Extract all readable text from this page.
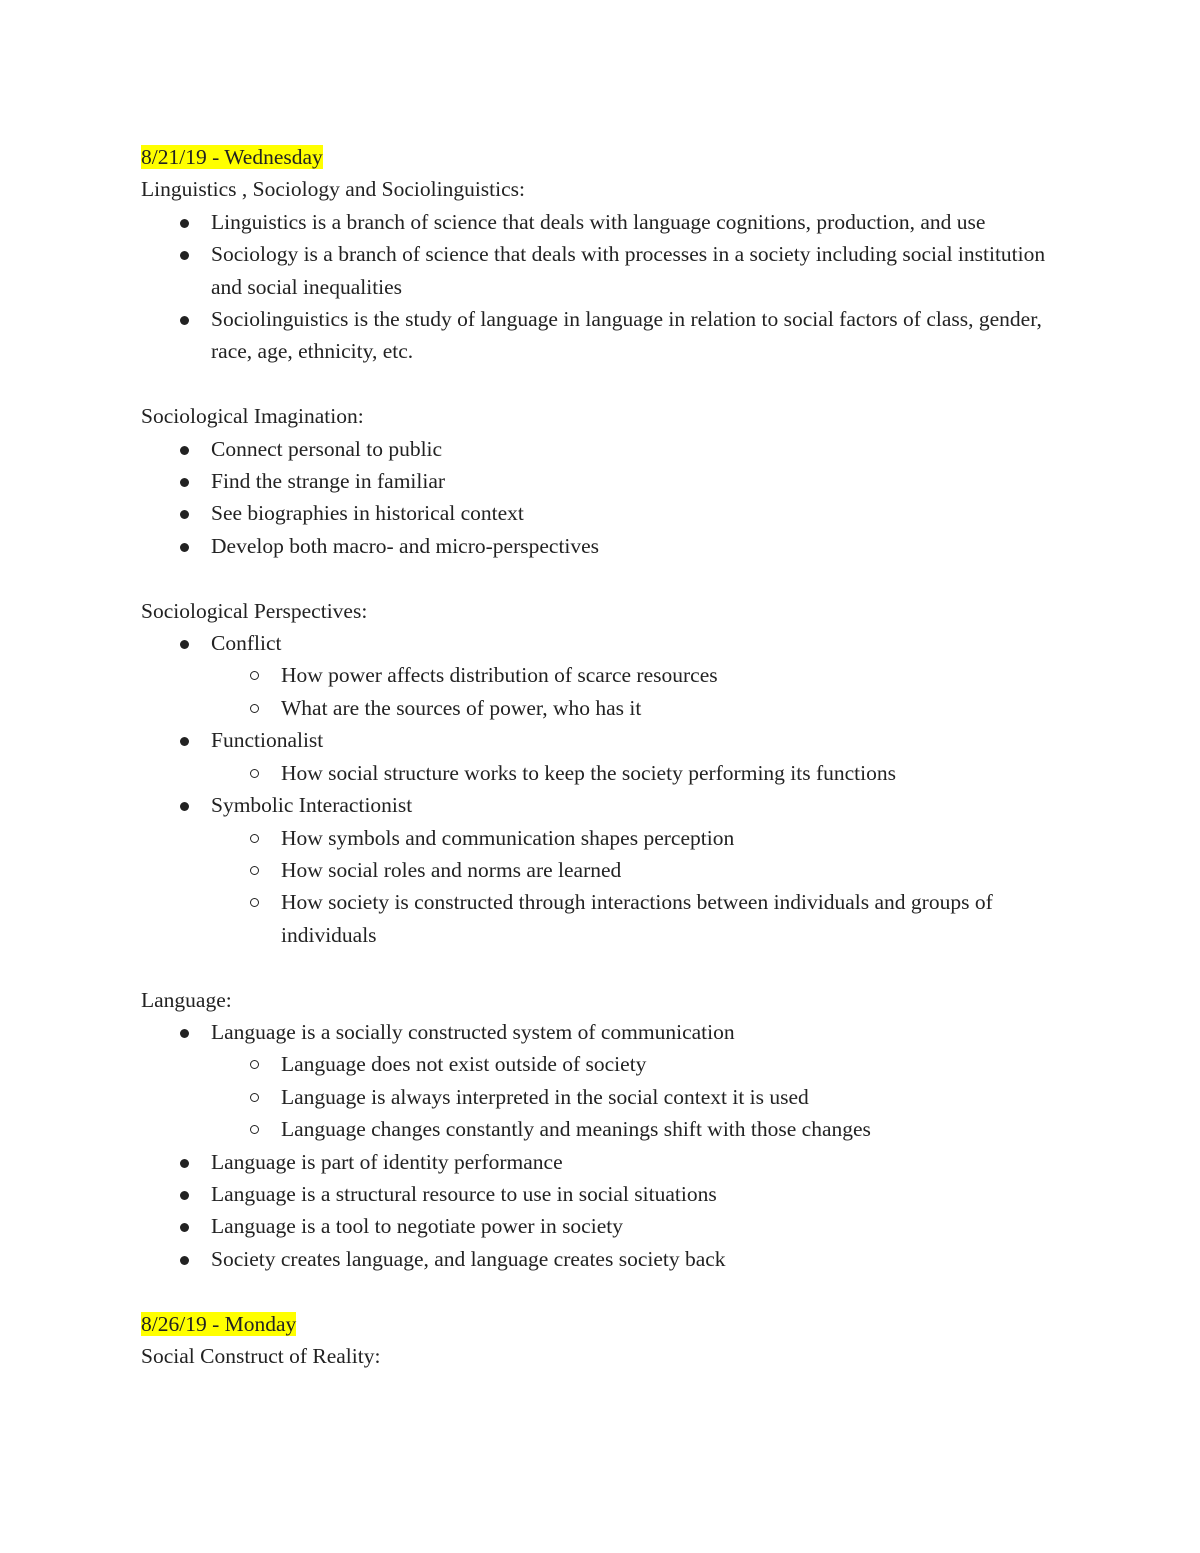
8/21/19 - Wednesday

Linguistics , Sociology and Sociolinguistics:

Linguistics is a branch of science that deals with language cognitions, production, and use
Sociology is a branch of science that deals with processes in a society including social institution and social inequalities
Sociolinguistics is the study of language in language in relation to social factors of class, gender, race, age, ethnicity, etc.

Sociological Imagination:

Connect personal to public
Find the strange in familiar
See biographies in historical context
Develop both macro- and micro-perspectives

Sociological Perspectives:

Conflict
How power affects distribution of scarce resources
What are the sources of power, who has it
Functionalist
How social structure works to keep the society performing its functions
Symbolic Interactionist
How symbols and communication shapes perception
How social roles and norms are learned
How society is constructed through interactions between individuals and groups of individuals

Language:

Language is a socially constructed system of communication
Language does not exist outside of society
Language is always interpreted in the social context it is used
Language changes constantly and meanings shift with those changes
Language is part of identity performance
Language is a structural resource to use in social situations
Language is a tool to negotiate power in society
Society creates language, and language creates society back

8/26/19 - Monday

Social Construct of Reality:
